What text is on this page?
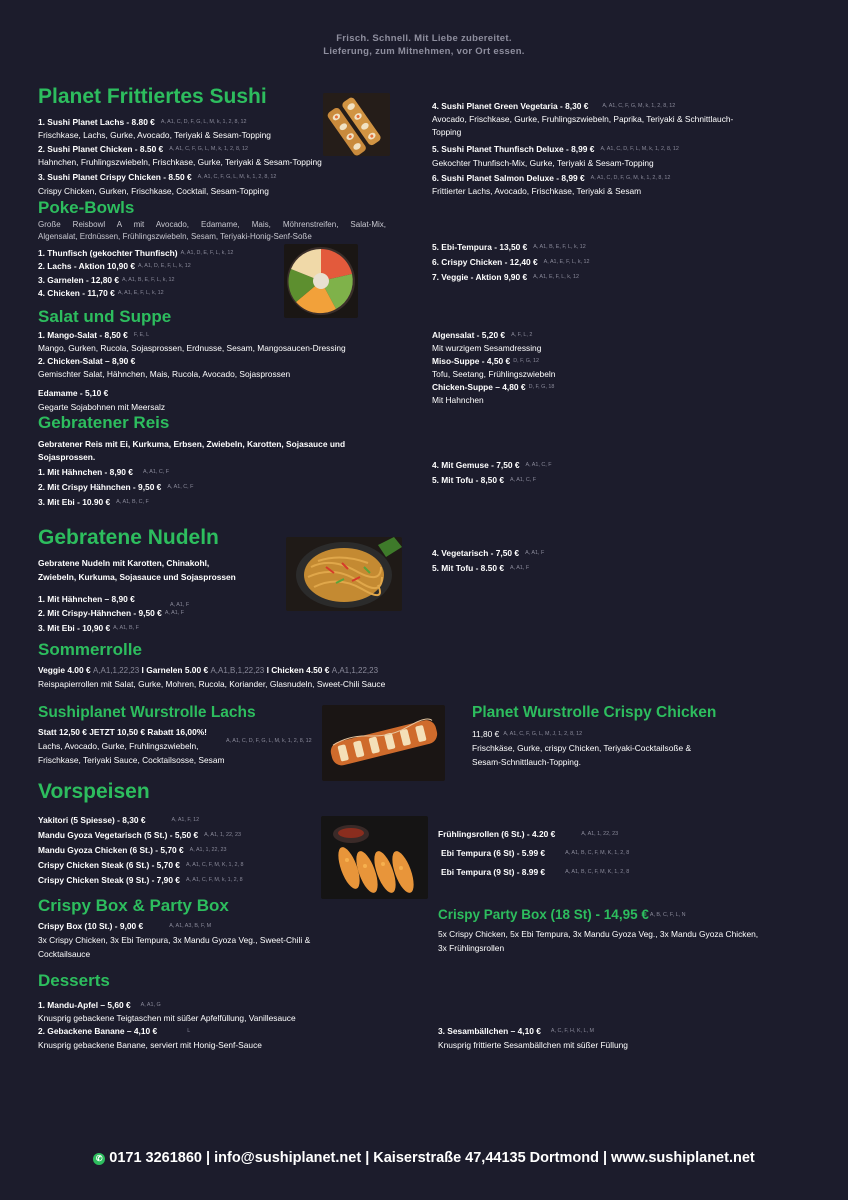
Frisch. Schnell. Mit Liebe zubereitet.
Lieferung, zum Mitnehmen, vor Ort essen.
Planet Frittiertes Sushi
1. Sushi Planet Lachs - 8.80 € $^{A, A1, C, D, F, G, L, M, k, 1, 2, 8, 12}$
Frischkase, Lachs, Gurke, Avocado, Teriyaki & Sesam-Topping
2. Sushi Planet Chicken - 8.50 € $^{A, A1, C, F, G, L, M, k, 1, 2, 8, 12}$
Hahnchen, Fruhlingszwiebeln, Frischkase, Gurke, Teriyaki & Sesam-Topping
3. Sushi Planet Crispy Chicken - 8.50 € $^{A, A1, C, F, G, L, M, k, 1, 2, 8, 12}$
Crispy Chicken, Gurken, Frischkase, Cocktail, Sesam-Topping
4. Sushi Planet Green Vegetaria - 8,30 €	$^{A, A1, C, F, G, M, k, 1, 2, 8, 12}$
Avocado, Frischkase, Gurke, Fruhlingszwiebeln, Paprika, Teriyaki & Schnittlauch-
Topping
5. Sushi Planet Thunfisch Deluxe - 8,99 € $^{A, A1, C, D, F, L, M, k, 1, 2, 8, 12}$
Gekochter Thunfisch-Mix, Gurke, Teriyaki & Sesam-Topping
6. Sushi Planet Salmon Deluxe - 8,99 € $^{A, A1, C, D, F, G, M, k, 1, 2, 8, 12}$
Frittierter Lachs, Avocado, Frischkase, Teriyaki & Sesam
Poke-Bowls
Große Reisbowl A mit Avocado, Edamame, Mais, Möhrenstreifen, Salat-Mix,
Algensalat, Erdnüssen, Frühlingszwiebeln, Sesam, Teriyaki-Honig-Senf-Soße
1. Thunfisch (gekochter Thunfisch) $^{A, A1, D, E, F, L, k, 12}$
2. Lachs - Aktion 10,90 € $^{A, A1, D, E, F, L, k, 12}$
3. Garnelen - 12,80 € $^{A, A1, B, E, F, L, k, 12}$
4. Chicken - 11,70 € $^{A, A1, E, F, L, k, 12}$
5. Ebi-Tempura - 13,50 € $^{A, A1, B, E, F, L, k, 12}$
6. Crispy Chicken - 12,40 € $^{A, A1, E, F, L, k, 12}$
7. Veggie - Aktion 9,90 € $^{A, A1, E, F, L, k, 12}$
Salat und Suppe
1. Mango-Salat - 8,50 € $^{F, E, L}$
Mango, Gurken, Rucola, Sojasprossen, Erdnusse, Sesam, Mangosaucen-Dressing
2. Chicken-Salat – 8,90 €
Gemischter Salat, Hähnchen, Mais, Rucola, Avocado, Sojasprossen
Edamame - 5,10 €
Gegarte Sojabohnen mit Meersalz
Algensalat - 5,20 € $^{A, F, L, 2}$
Mit wurzigem Sesamdressing
Miso-Suppe - 4,50 € $^{D, F, G, 12}$
Tofu, Seetang, Frühlingszwiebeln
Chicken-Suppe – 4,80 € $^{D, F, G, 18}$
Mit Hahnchen
Gebratener Reis
Gebratener Reis mit Ei, Kurkuma, Erbsen, Zwiebeln, Karotten, Sojasauce und
Sojasprossen.
1. Mit Hähnchen - 8,90 € $^{A, A1, C, F}$
2. Mit Crispy Hähnchen - 9,50 € $^{A, A1, C, F}$
3. Mit Ebi - 10.90 € $^{A, A1, B, C, F}$
4. Mit Gemuse - 7,50 € $^{A, A1, C, F}$
5. Mit Tofu - 8,50 € $^{A, A1, C, F}$
Gebratene Nudeln
Gebratene Nudeln mit Karotten, Chinakohl,
Zwiebeln, Kurkuma, Sojasauce und Sojasprossen
1. Mit Hähnchen – 8,90 €
A, A1, F
2. Mit Crispy-Hähnchen - 9,50 € $^{A, A1, F}$
3. Mit Ebi - 10,90 € $^{A, A1, B, F}$
4. Vegetarisch - 7,50 € $^{A, A1, F}$
5. Mit Tofu - 8.50 € $^{A, A1, F}$
Sommerrolle
Veggie 4.00 € A,A1,1,22,23 I Garnelen 5.00 € A,A1,B,1,22,23 I Chicken 4.50 € A,A1,1,22,23
Reispapierrollen mit Salat, Gurke, Mohren, Rucola, Koriander, Glasnudeln, Sweet-Chili Sauce
Sushiplanet Wurstrolle Lachs
Statt 12,50 € JETZT 10,50 € Rabatt 16,00%!
A, A1, C, D, F, G, L, M, k, 1, 2, 8, 12
Lachs, Avocado, Gurke, Fruhlingszwiebeln,
Frischkase, Teriyaki Sauce, Cocktailsosse, Sesam
Planet Wurstrolle Crispy Chicken
11,80 € $^{A, A1, C, F, G, L, M, J, 1, 2, 8, 12}$
Frischkäse, Gurke, crispy Chicken, Teriyaki-Cocktailsoße &
Sesam-Schnittlauch-Topping.
Vorspeisen
Yakitori (5 Spiesse) - 8,30 €	$^{A, A1, F, 12}$
Mandu Gyoza Vegetarisch (5 St.) - 5,50 € $^{A, A1, 1, 22, 23}$
Mandu Gyoza Chicken (6 St.) - 5,70 € $^{A, A1, 1, 22, 23}$
Crispy Chicken Steak (6 St.) - 5,70 € $^{A, A1, C, F, M, K, 1, 2, 8}$
Crispy Chicken Steak (9 St.) - 7,90 € $^{A, A1, C, F, M, k, 1, 2, 8}$
Frühlingsrollen (6 St.) - 4.20 €	$^{A, A1, 1, 22, 23}$
Ebi Tempura (6 St) - 5.99 €	$^{A, A1, B, C, F, M, K, 1, 2, 8}$
Ebi Tempura (9 St) - 8.99 €	$^{A, A1, B, C, F, M, K, 1, 2, 8}$
Crispy Box & Party Box
Crispy Box (10 St.) - 9,00 €	$^{A, A1, A3, B, F, M}$
3x Crispy Chicken, 3x Ebi Tempura, 3x Mandu Gyoza Veg., Sweet-Chili &
Cocktailsauce
Crispy Party Box (18 St) - 14,95 €$^{A, B, C, F, L, N}$
5x Crispy Chicken, 5x Ebi Tempura, 3x Mandu Gyoza Veg., 3x Mandu Gyoza Chicken,
3x Frühlingsrollen
Desserts
1. Mandu-Apfel – 5,60 € $^{A, A1, G}$
Knusprig gebackene Teigtaschen mit süßer Apfelfüllung, Vanillesauce
2. Gebackene Banane – 4,10 €	$^L$
Knusprig gebackene Banane, serviert mit Honig-Senf-Sauce
3. Sesambällchen – 4,10 € $^{A, C, F, H, K, L, M}$
Knusprig frittierte Sesambällchen mit süßer Füllung
✆ 0171 3261860 | info@sushiplanet.net | Kaiserstraße 47,44135 Dortmond | www.sushiplanet.net
